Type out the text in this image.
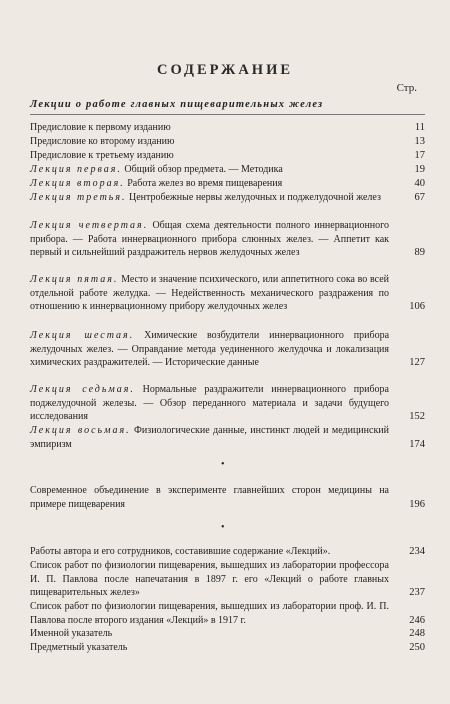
СОДЕРЖАНИЕ
Стр.
Лекции о работе главных пищеварительных желез
Предисловие к первому изданию	11
Предисловие ко второму изданию	13
Предисловие к третьему изданию	17
Лекция первая. Общий обзор предмета. — Методика	19
Лекция вторая. Работа желез во время пищеварения	40
Лекция третья. Центробежные нервы желудочных и поджелудочной желез	67
Лекция четвертая. Общая схема деятельности полного иннервационного прибора. — Работа иннервационного прибора слюнных желез. — Аппетит как первый и сильнейший раздражитель нервов желудочных желез	89
Лекция пятая. Место и значение психического, или аппетитного сока во всей отдельной работе желудка. — Недейственность механического раздражения по отношению к иннервационному прибору желудочных желез	106
Лекция шестая. Химические возбудители иннервационного прибора желудочных желез. — Оправдание метода уединенного желудочка и локализация химических раздражителей. — Исторические данные	127
Лекция седьмая. Нормальные раздражители иннервационного прибора поджелудочной железы. — Обзор переданного материала и задачи будущего исследования	152
Лекция восьмая. Физиологические данные, инстинкт людей и медицинский эмпиризм	174
•
Современное объединение в эксперименте главнейших сторон медицины на примере пищеварения	196
•
Работы автора и его сотрудников, составившие содержание «Лекций».	234
Список работ по физиологии пищеварения, вышедших из лаборатории профессора И. П. Павлова после напечатания в 1897 г. его «Лекций о работе главных пищеварительных желез»	237
Список работ по физиологии пищеварения, вышедших из лаборатории проф. И. П. Павлова после второго издания «Лекций» в 1917 г.	246
Именной указатель	248
Предметный указатель	250
